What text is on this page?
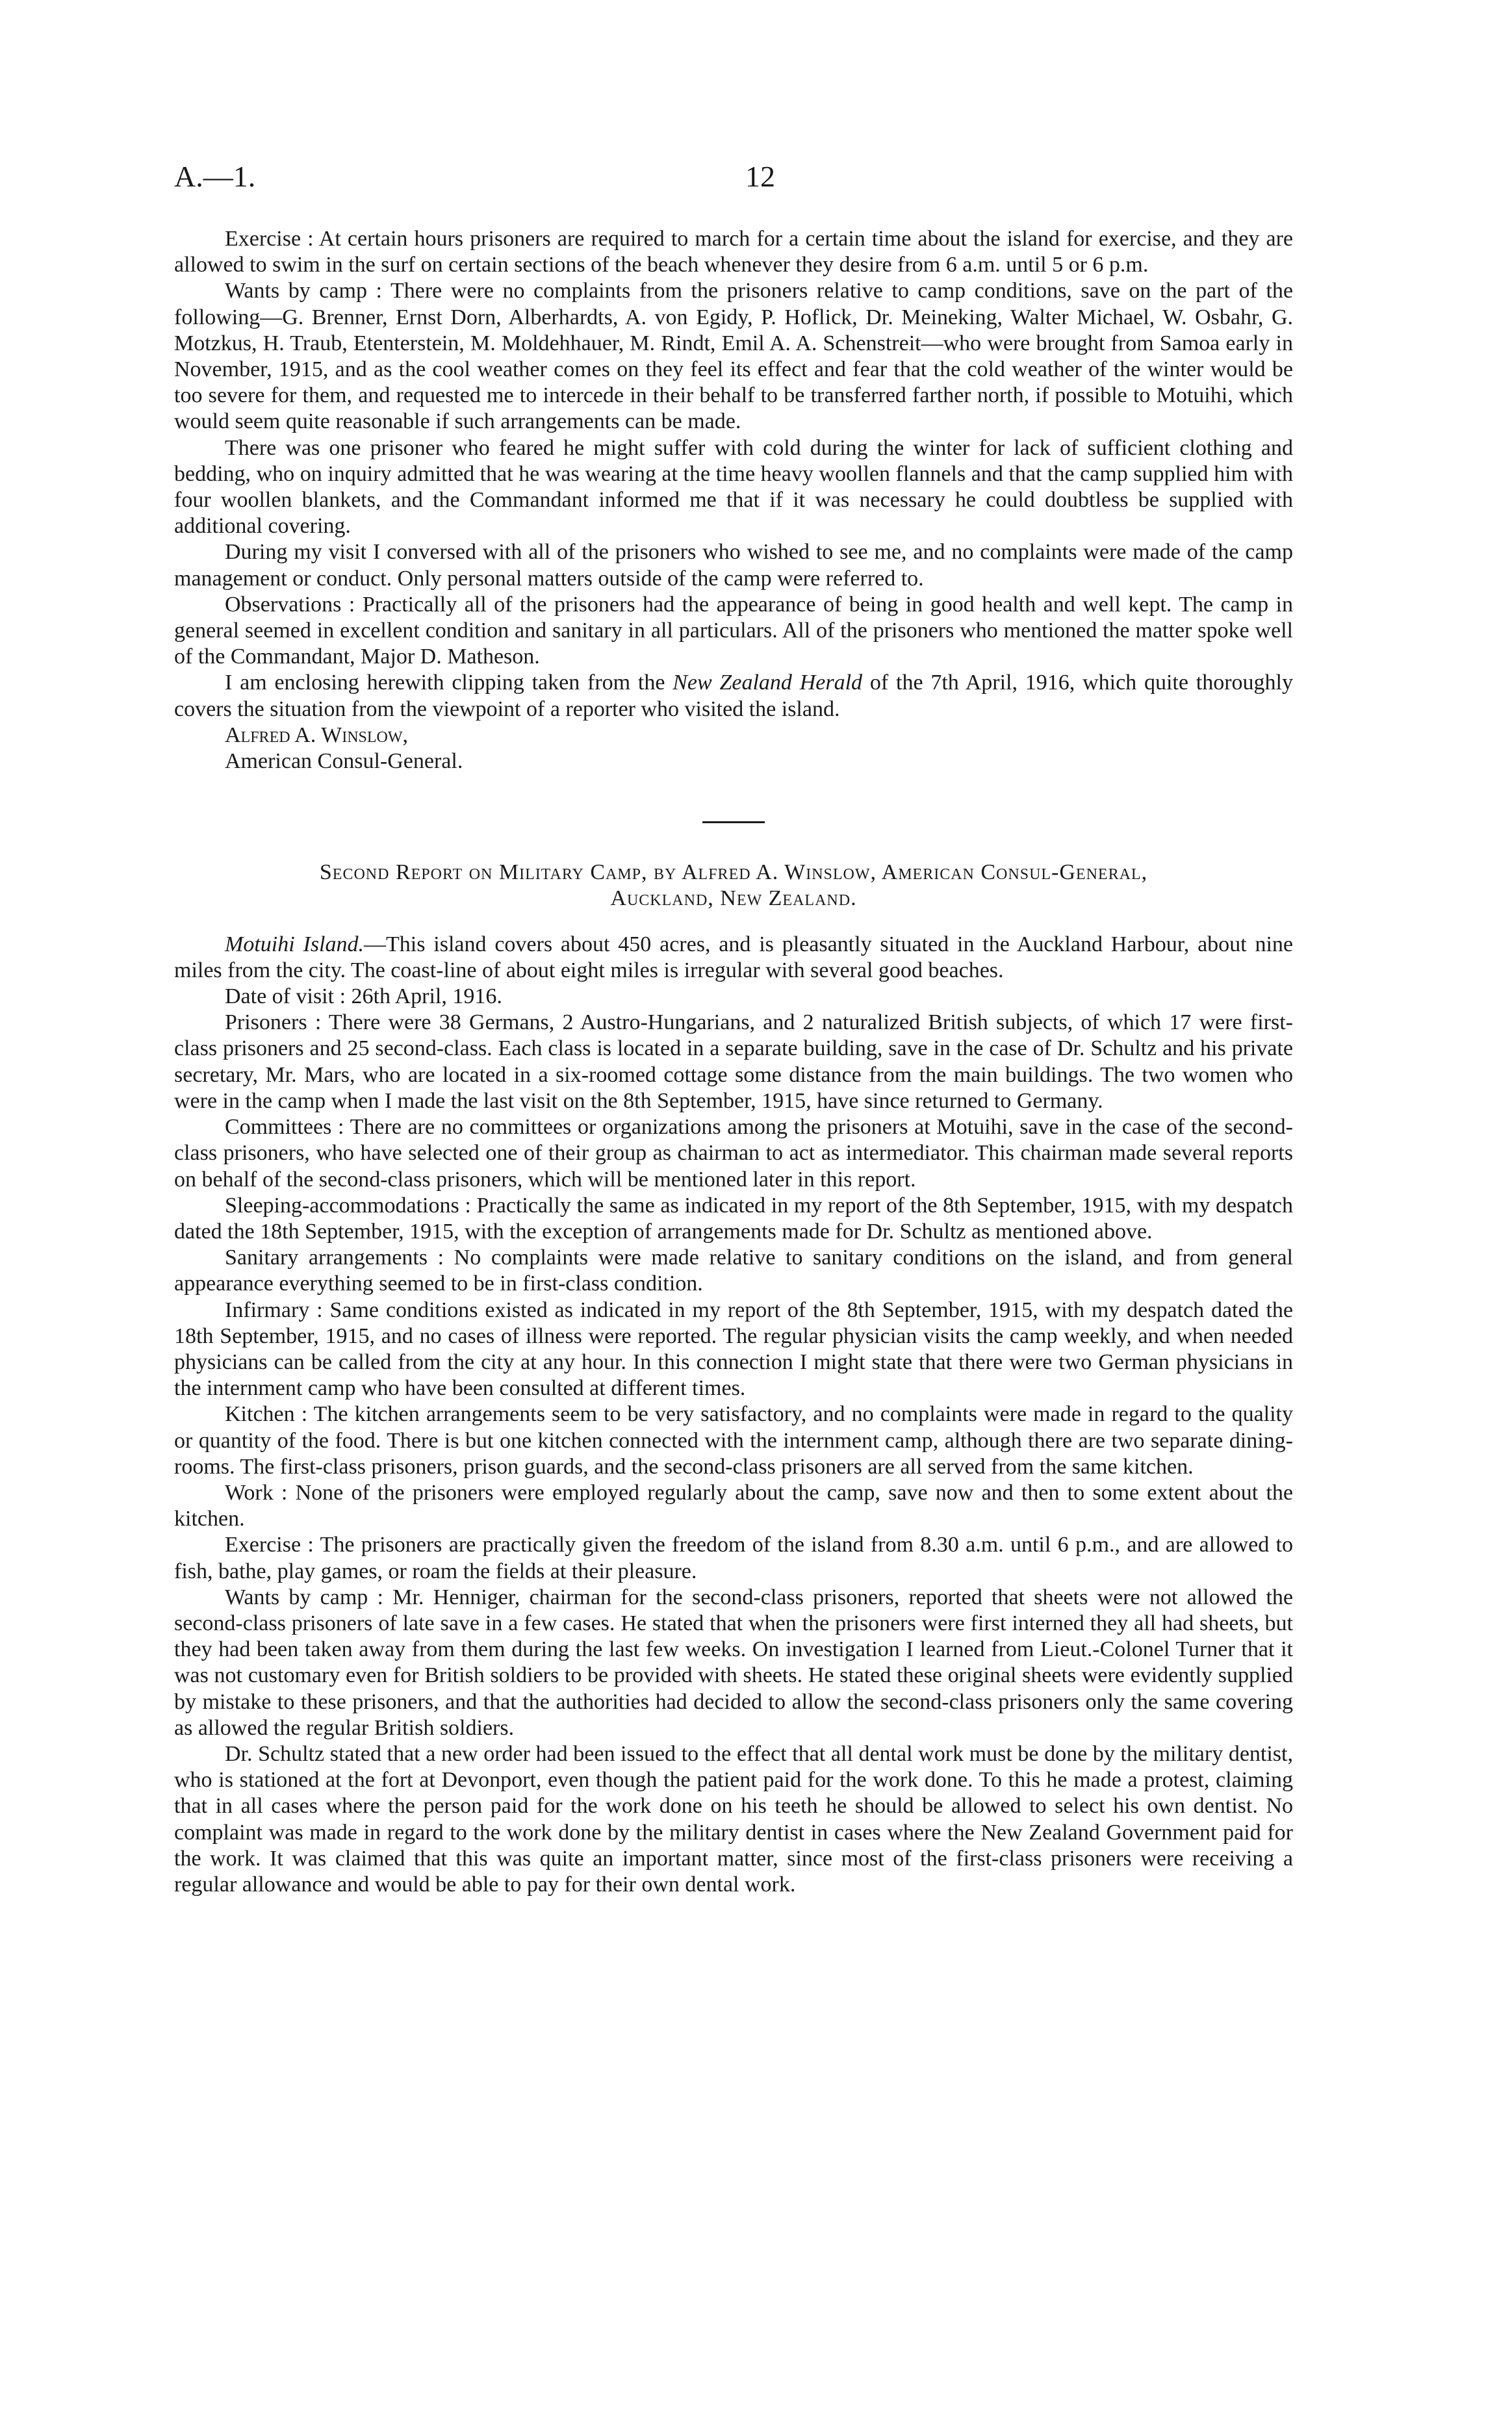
A.—1.	12

Exercise : At certain hours prisoners are required to march for a certain time about the island for exercise, and they are allowed to swim in the surf on certain sections of the beach whenever they desire from 6 a.m. until 5 or 6 p.m.

Wants by camp : There were no complaints from the prisoners relative to camp conditions, save on the part of the following—G. Brenner, Ernst Dorn, Alberhardts, A. von Egidy, P. Hoflick, Dr. Meineking, Walter Michael, W. Osbahr, G. Motzkus, H. Traub, Etenterstein, M. Moldehhauer, M. Rindt, Emil A. A. Schenstreit—who were brought from Samoa early in November, 1915, and as the cool weather comes on they feel its effect and fear that the cold weather of the winter would be too severe for them, and requested me to intercede in their behalf to be transferred farther north, if possible to Motuihi, which would seem quite reasonable if such arrangements can be made.

There was one prisoner who feared he might suffer with cold during the winter for lack of sufficient clothing and bedding, who on inquiry admitted that he was wearing at the time heavy woollen flannels and that the camp supplied him with four woollen blankets, and the Commandant informed me that if it was necessary he could doubtless be supplied with additional covering.

During my visit I conversed with all of the prisoners who wished to see me, and no complaints were made of the camp management or conduct. Only personal matters outside of the camp were referred to.

Observations : Practically all of the prisoners had the appearance of being in good health and well kept. The camp in general seemed in excellent condition and sanitary in all particulars. All of the prisoners who mentioned the matter spoke well of the Commandant, Major D. Matheson.

I am enclosing herewith clipping taken from the New Zealand Herald of the 7th April, 1916, which quite thoroughly covers the situation from the viewpoint of a reporter who visited the island.

Alfred A. Winslow,

American Consul-General.

Second Report on Military Camp, by Alfred A. Winslow, American Consul-General,
Auckland, New Zealand.

Motuihi Island.—This island covers about 450 acres, and is pleasantly situated in the Auckland Harbour, about nine miles from the city. The coast-line of about eight miles is irregular with several good beaches.

Date of visit : 26th April, 1916.

Prisoners : There were 38 Germans, 2 Austro-Hungarians, and 2 naturalized British subjects, of which 17 were first-class prisoners and 25 second-class. Each class is located in a separate building, save in the case of Dr. Schultz and his private secretary, Mr. Mars, who are located in a six-roomed cottage some distance from the main buildings. The two women who were in the camp when I made the last visit on the 8th September, 1915, have since returned to Germany.

Committees : There are no committees or organizations among the prisoners at Motuihi, save in the case of the second-class prisoners, who have selected one of their group as chairman to act as intermediator. This chairman made several reports on behalf of the second-class prisoners, which will be mentioned later in this report.

Sleeping-accommodations : Practically the same as indicated in my report of the 8th September, 1915, with my despatch dated the 18th September, 1915, with the exception of arrangements made for Dr. Schultz as mentioned above.

Sanitary arrangements : No complaints were made relative to sanitary conditions on the island, and from general appearance everything seemed to be in first-class condition.

Infirmary : Same conditions existed as indicated in my report of the 8th September, 1915, with my despatch dated the 18th September, 1915, and no cases of illness were reported. The regular physician visits the camp weekly, and when needed physicians can be called from the city at any hour. In this connection I might state that there were two German physicians in the internment camp who have been consulted at different times.

Kitchen : The kitchen arrangements seem to be very satisfactory, and no complaints were made in regard to the quality or quantity of the food. There is but one kitchen connected with the internment camp, although there are two separate dining-rooms. The first-class prisoners, prison guards, and the second-class prisoners are all served from the same kitchen.

Work : None of the prisoners were employed regularly about the camp, save now and then to some extent about the kitchen.

Exercise : The prisoners are practically given the freedom of the island from 8.30 a.m. until 6 p.m., and are allowed to fish, bathe, play games, or roam the fields at their pleasure.

Wants by camp : Mr. Henniger, chairman for the second-class prisoners, reported that sheets were not allowed the second-class prisoners of late save in a few cases. He stated that when the prisoners were first interned they all had sheets, but they had been taken away from them during the last few weeks. On investigation I learned from Lieut.-Colonel Turner that it was not customary even for British soldiers to be provided with sheets. He stated these original sheets were evidently supplied by mistake to these prisoners, and that the authorities had decided to allow the second-class prisoners only the same covering as allowed the regular British soldiers.

Dr. Schultz stated that a new order had been issued to the effect that all dental work must be done by the military dentist, who is stationed at the fort at Devonport, even though the patient paid for the work done. To this he made a protest, claiming that in all cases where the person paid for the work done on his teeth he should be allowed to select his own dentist. No complaint was made in regard to the work done by the military dentist in cases where the New Zealand Government paid for the work. It was claimed that this was quite an important matter, since most of the first-class prisoners were receiving a regular allowance and would be able to pay for their own dental work.
